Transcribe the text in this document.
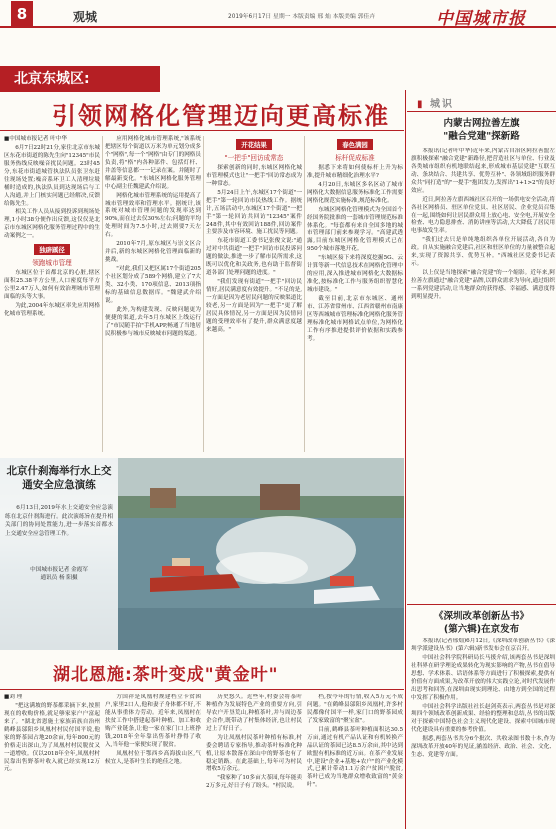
8	观城	2019年6月17日 星期一 本版责编 邢 灿 本版美编 郭佳卉	中国城市报
北京东城区:
引领网格化管理迈向更高标准

■中国城市报记者 叶中华

6月7日22时21分,家住北京市东城区东花市街道的陈先生向"12345"市民服务热线反映噪音扰民问题。23时45分,东花市街道城管执法队员张卫东赶往现场处置;噪音系环卫工人清理垃圾桶时造成的,执法队员到达现场后与工人沟通,并上门核实问题已经解决,反馈给陈先生。

相关工作人员从接到投诉到现场处理,1小时38分便作出反馈,这仅仅是北京市东城区网格化服务管理过程中的生动案例之一。

独辟蹊径
领跑城市管理

东城区位于首都北京的心脏,辖区面积25.38平方公里,人口密度每平方公里2.47万人,如何有效治理城市管理面临的头等大事。

为此,2004年东城区率先应用网格化城市管理系统。

应用网格化城市管理系统,"该系统把辖区每个街道以万米为单元划分成多个"网格",每一个"网格"由专门的网格员负责,将"格"内各种部件、包括灯杆、井盖等信息都一一记录在案。并随时了解最新变化。"东城区网格化服务管理中心副主任魏建武介绍说。

网格化城市管理系统的运用提高了城市管理效率和管理水平。据统计,该系统对城市管理问题的发现率达到90%,而在过去仅30%左右;问题的平均处理时间为7.5小时,过去则要7天左右。

2010年7月,原东城区与崇文区合并后,新的东城区网格化管理面临新的挑战。

"对此,我们又把区属17个街道205个社区划分成了589个网格,建立了7大类、32小类、170项信息、2013项指标的基础信息数据库。"魏建武介绍说。

此外,为构建发现、反映问题更为便捷的渠道,去年5月东城区上线运行了"市民随手拍"手机APP,畅通了当地居民积极参与城市反映城市问题的渠道。

开花结果
"一把手"回访成常态

探索创新的同时,东城区网格化城市管理模式也让"一把手"回访常态成为一种常态。

5月24日上午,东城区17个街道"一把手"第一轮回访市民热线工作。据统计,五场活动中,东城区17个街道"一把手"第一轮回访共回访"12345"案件248件,其中有效回访188件,回访案件主要涉及市容环境、施工扰民等问题。

东花市街道工委书记张俊文说:"通过对中共街道"一把手"回访市民投诉问题的做法,推进一步了解市民所需求,这既可以优化和关政务,也有助于监督街道各部门处理问题的进度。"

"我们发现有街道"一把手"回访民情好,居民满意度有效提升。"不足的是,一方面是因为老居民问题的反映渠道比较老,另一方面是因为"一把手"更了解居民具体情况,另一方面是因为民情问题的受理效率有了提升,群众满意度越来越高。"

春色满园
标杆促成标准

据悉下来将如何使标杆上升为标准,提升城市精细化治理水平?

4月20日,东城区多名区动了城市网格化大数据信息服务标准化工作需要网格化规范实施标准,规范标准化。

东城区网格化管理模式为全国首个经国务院批准的一套城市管理规范标准体系化。"每套都有来自全国多地的城市管理部门前来参观学习。"高建武透露,目前东城区网格化管理模式已在950个城市落地开花。

"东城区接下来将深度挖掘5G、云计算等新一代信息技术在网格化管理中的应用,深入推进城市网格化大数据标准化,按标准化工作与服务组织智慧化城市建设。"

截至目前,北京市东城区、通州市、江苏省常州市、江西省赣州市南康区等西城城市管理标准化网格化服务管理标准化城市网格试点单位,为网格化工作有序推进提供评价依据和实践参考。

北京什刹海举行水上交通安全应急演练
6月13日,2019年水上交通安全应急演练在北京什刹海进行。此次演练旨在提升相关部门的协同处置能力,进一步落实首都水上交通安全应急管理工作。
中国城市报记者 金霞军
通讯员 杨 阳摄
湖北恩施:茶叶变成"黄金叶"

■刘 理

"把这满坡的野茶都采摘下来,按照现在的收购价格,就足够家家户户富起来了。"湖北省恩施土家族苗族自治州鹤峰县邬阳乡凤凰村村民付国平说,他家的野茶园占地20余亩,每年800元的价格走出深山,为了凤凰村村民脱贫又一道增收。仅以2018年全年,凤凰村村民靠出售野茶叶收入就已经实现12万元。

方国祥是凤凰村规建档立卡贫困户,家里2口人,他和妻子身体都不好,不能从事重体力劳动。近年来,凤凰村在扶贫工作中搭建起茶叶种植、加工和收购产业链条,让他一家在家门口上班挣钱,2018年全年靠出售茶叶挣得了收入,当年他一家便实现了脱贫。

凤凰村位于鄂西乡高海拔山区,气候宜人,是茶叶生长的绝佳之地。

历史悠久。近些年,村委会将茶叶种植作为发展特色产业的重要方向,引导农户开垦荒山,种植茶叶,并与周边茶企合作,既带动了村集体经济,也让村民过上了好日子。

为让凤凰村民茶叶种植有标准,村委会聘请专家指导,推动茶叶标准化种植,让原本散落在深山中的野茶也有了稳定销路。在此基础上,每年可为村民增收5万余元。

"我家种了10多亩大茶园,每年能卖2万多元,好日子有了盼头。"村民说。

档,按今年的行情,收入5万元不成问题。"在鹤峰县邬阳乡凤凰村,许多村民都像付国平一样,家门口的野茶园成了发家致富的"聚宝盆"。

目前,鹤峰县茶叶种植面积达30.5万亩,通过有机产品认证和有机转换产品认证的茶园已达8.5万余亩,其中达到欧盟有机标准的近万亩。在茶产业发展中,建设"企业+基地+农户"的产业化模式,已累计带动1.1万余户贫困户脱贫,茶叶已成为当地群众增收致富的"黄金叶"。

▮ 城识
内蒙古网拉善左旗
"融合党建"探新路

本报讯(记者叶中华)近年来,内蒙古自治区阿拉善盟左旗积极探索"融合党建"新路径,把营造社区与单位、行业及各类城市组织有机地联结起来,形成城市基层党建"互联互动、条块结合、共建共享、优势互补"、各领域组织服务群众共"同打造"的"一提手"抱团发力,发挥出"1+1>2"的良好效应。

近日,阿拉善左旗西城社区召开的一场供电安全活动,将各社区网格员、驻区单位党员、社区居民、企业党员召集在一起,围绕如何让居民群众用上放心电、安全电,开展安全检查、电力隐患排查、消防讲座等活动,大大降低了居民用电事故发生率。

"我们过去只是单纯地组织各单位开展活动,各自为政。自从实施融合党建后,社区和驻区单位的力量被整合起来,实现了资源共享、优势互补。"西城社区党委书记表示。

以上仅是当地探索"融合党建"的一个缩影。近年来,阿拉善左旗通过"融合党建"品牌,以群众需求为导向,通过组织一系列党建活动,让当地群众的获得感、幸福感、满意度得到明显提升。

《深圳改革创新丛书》
(第六辑)在京发布

本报讯(记者邢灿)6月12日,《深圳改革创新丛书》《深圳学派建设丛书》(第六辑)新书发布会在京召开。

中国社会科学院科研局长马援介绍,该两套丛书是深圳社科界在研学理论成果转化为现实影响的产物,丛书在倡导思想、学术体系、话语体系等方面进行了积极探索,提供有价值有方面成果,为改革开放的伟大实践立论,对时代发展作出思考和回答,在深圳由现实到理论、由地方到全国的过程中发挥了积极作用。

中国社会科学出版社社长赵剑英表示,两套丛书是对深圳四个领域改革创新成果、经验的整理和总结,丛书的出版对于探索中国特色社会主义现代化建设、探索中国城市现代化建设具有重要的参考价值。

据悉,两套丛书共分6个批次、共收录图书数十本,作为深圳改革开放40年的见证,涵盖经济、政治、社会、文化、生态、党建等方面。
